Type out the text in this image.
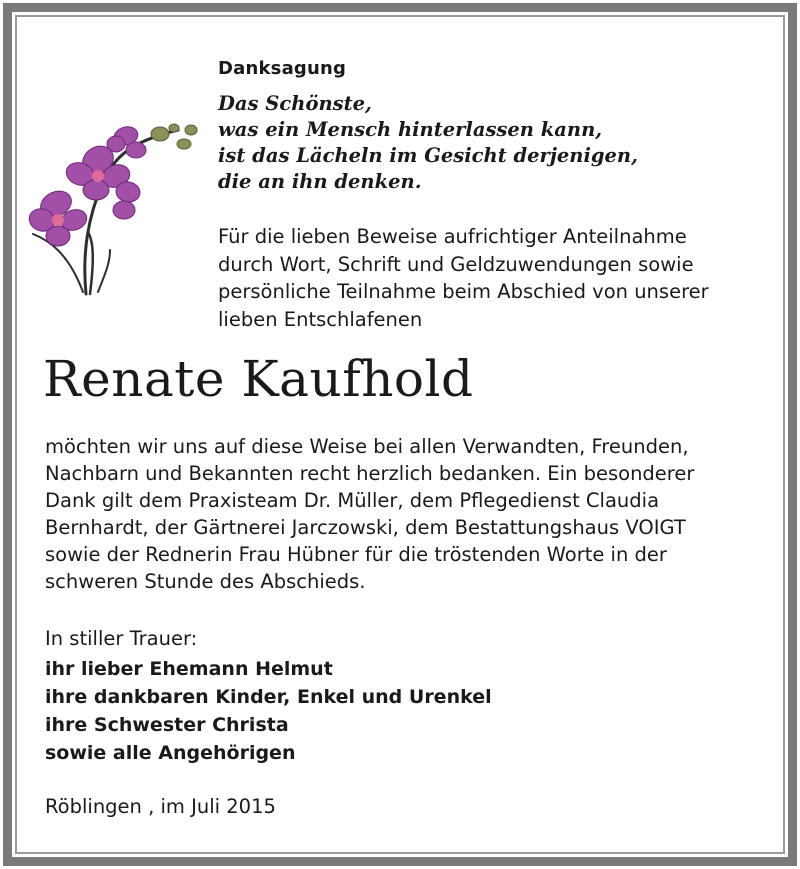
Danksagung
Das Schönste,
was ein Mensch hinterlassen kann,
ist das Lächeln im Gesicht derjenigen,
die an ihn denken.
Für die lieben Beweise aufrichtiger Anteilnahme
durch Wort, Schrift und Geldzuwendungen sowie
persönliche Teilnahme beim Abschied von unserer
lieben Entschlafenen
Renate Kaufhold
möchten wir uns auf diese Weise bei allen Verwandten, Freunden,
Nachbarn und Bekannten recht herzlich bedanken. Ein besonderer
Dank gilt dem Praxisteam Dr. Müller, dem Pflegedienst Claudia
Bernhardt, der Gärtnerei Jarczowski, dem Bestattungshaus VOIGT
sowie der Rednerin Frau Hübner für die tröstenden Worte in der
schweren Stunde des Abschieds.
In stiller Trauer:
ihr lieber Ehemann Helmut
ihre dankbaren Kinder, Enkel und Urenkel
ihre Schwester Christa
sowie alle Angehörigen
Röblingen , im Juli 2015
